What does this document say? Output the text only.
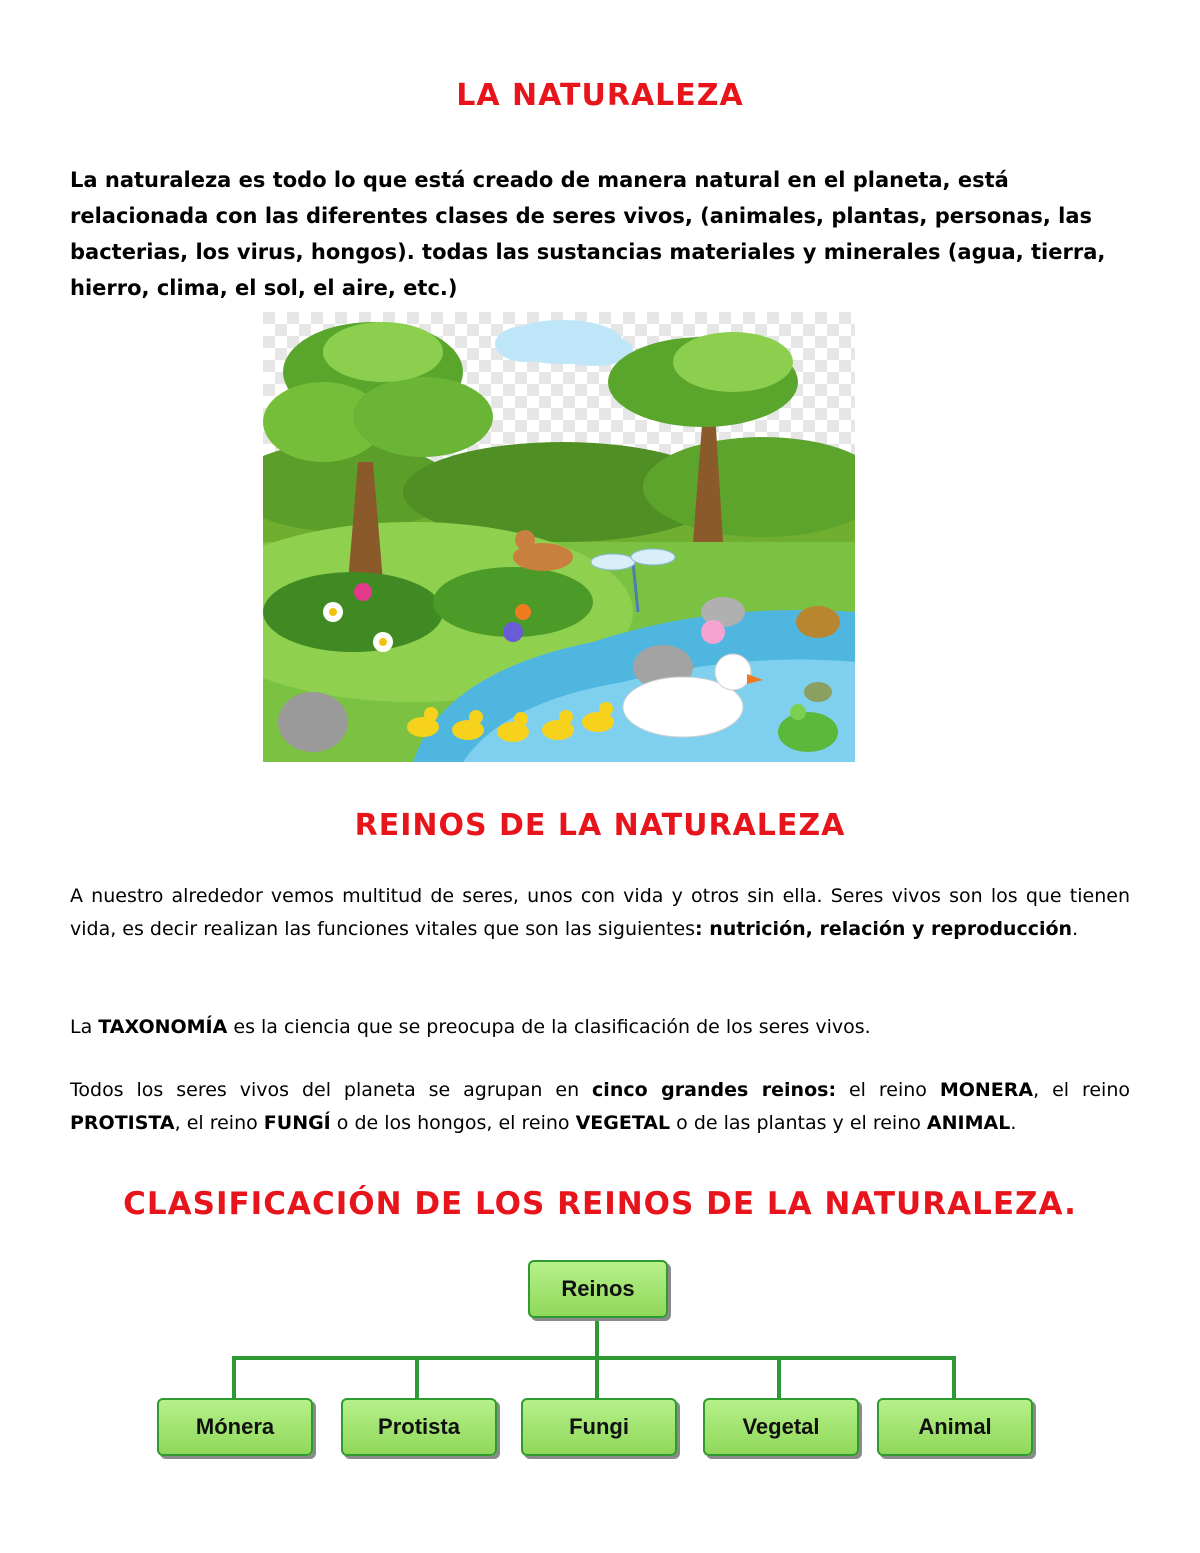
LA NATURALEZA

La naturaleza es todo lo que está creado de manera natural en el planeta, está relacionada con las diferentes clases de seres vivos, (animales, plantas, personas, las bacterias, los virus, hongos). todas las sustancias materiales y minerales (agua, tierra, hierro, clima, el sol, el aire, etc.)

REINOS DE LA NATURALEZA

A nuestro alrededor vemos multitud de seres, unos con vida y otros sin ella. Seres vivos son los que tienen vida, es decir realizan las funciones vitales que son las siguientes: nutrición, relación y reproducción.

La TAXONOMÍA es la ciencia que se preocupa de la clasificación de los seres vivos.

Todos los seres vivos del planeta se agrupan en cinco grandes reinos: el reino MONERA, el reino PROTISTA, el reino FUNGÍ o de los hongos, el reino VEGETAL o de las plantas y el reino ANIMAL.

CLASIFICACIÓN DE LOS REINOS DE LA NATURALEZA.
Reinos
Mónera	Protista	Fungi	Vegetal	Animal
